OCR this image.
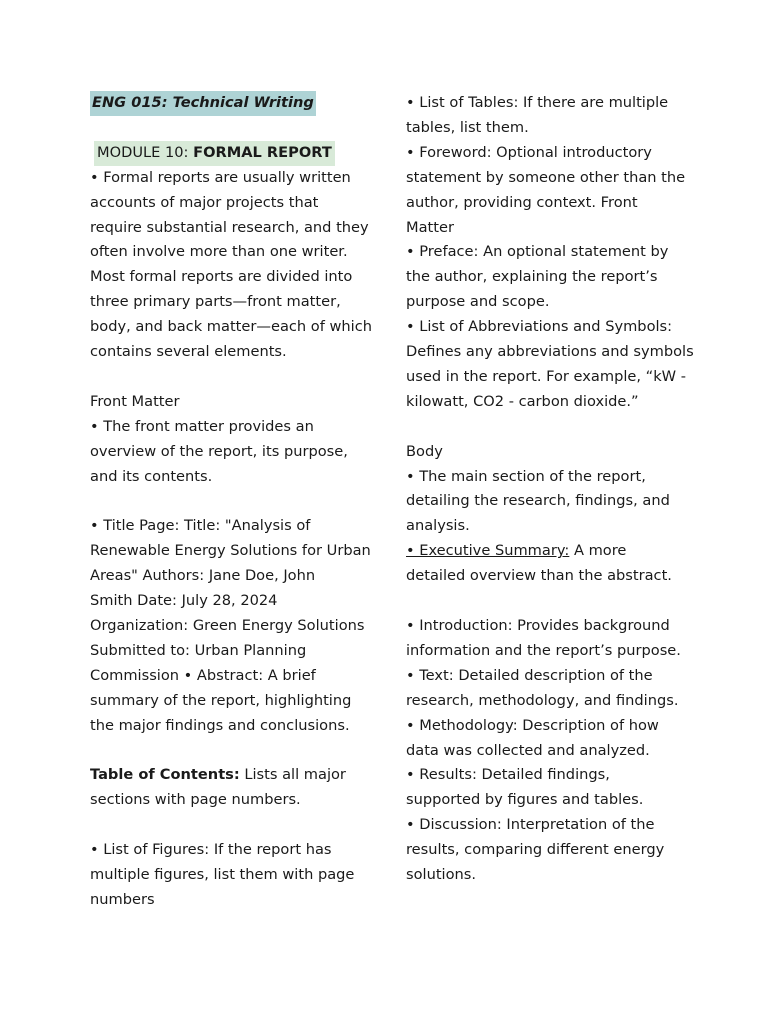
ENG 015: Technical Writing

MODULE 10: FORMAL REPORT

• Formal reports are usually written

accounts of major projects that

require substantial research, and they

often involve more than one writer.

Most formal reports are divided into

three primary parts—front matter,

body, and back matter—each of which

contains several elements.

Front Matter

• The front matter provides an

overview of the report, its purpose,

and its contents.

• Title Page: Title: "Analysis of

Renewable Energy Solutions for Urban

Areas" Authors: Jane Doe, John

Smith Date: July 28, 2024

Organization: Green Energy Solutions

Submitted to: Urban Planning

Commission • Abstract: A brief

summary of the report, highlighting

the major findings and conclusions.

Table of Contents: Lists all major

sections with page numbers.

• List of Figures: If the report has

multiple figures, list them with page

numbers

• List of Tables: If there are multiple

tables, list them.

• Foreword: Optional introductory

statement by someone other than the

author, providing context. Front

Matter

• Preface: An optional statement by

the author, explaining the report’s

purpose and scope.

• List of Abbreviations and Symbols:

Defines any abbreviations and symbols

used in the report. For example, “kW -

kilowatt, CO2 - carbon dioxide.”

Body

• The main section of the report,

detailing the research, findings, and

analysis.

• Executive Summary: A more

detailed overview than the abstract.

• Introduction: Provides background

information and the report’s purpose.

• Text: Detailed description of the

research, methodology, and findings.

• Methodology: Description of how

data was collected and analyzed.

• Results: Detailed findings,

supported by figures and tables.

• Discussion: Interpretation of the

results, comparing different energy

solutions.
